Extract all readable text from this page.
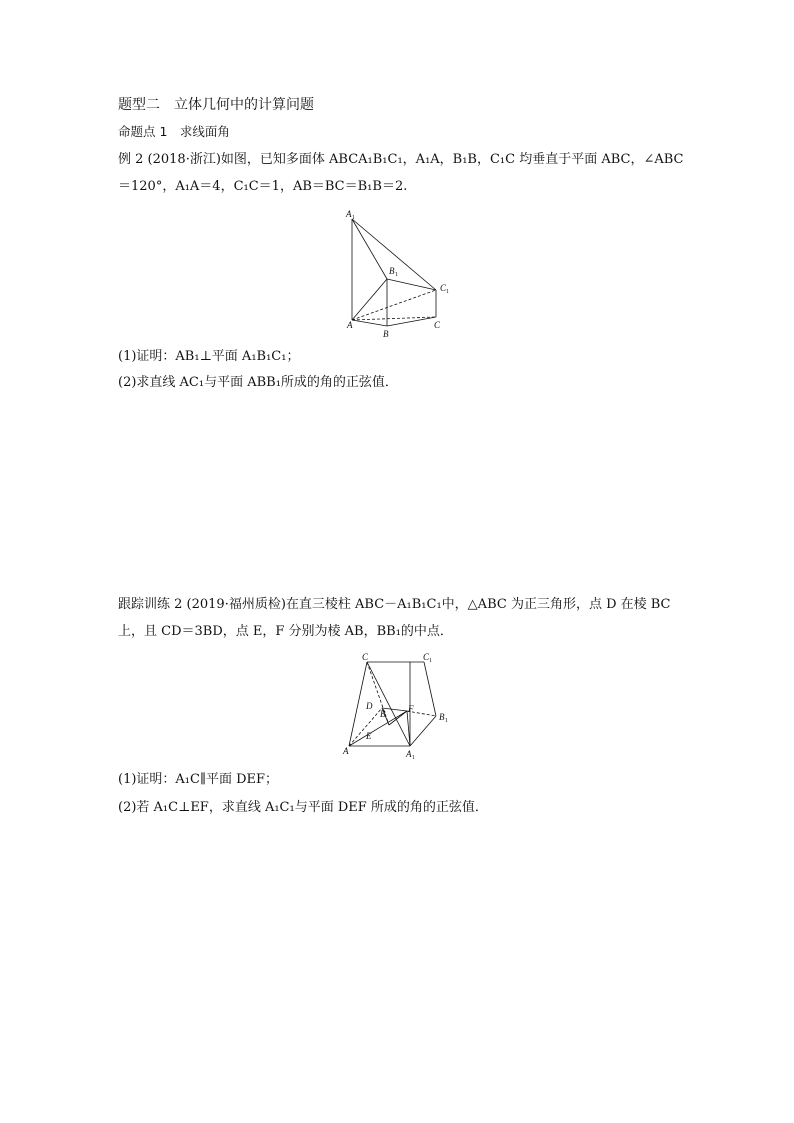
题型二　立体几何中的计算问题
命题点 1　求线面角
例 2 (2018·浙江)如图，已知多面体 ABCA₁B₁C₁，A₁A，B₁B，C₁C 均垂直于平面 ABC，∠ABC
＝120°，A₁A＝4，C₁C＝1，AB＝BC＝B₁B＝2.
A 1
B 1
C 1
A
B
C
(1)证明：AB₁⊥平面 A₁B₁C₁；
(2)求直线 AC₁与平面 ABB₁所成的角的正弦值．
跟踪训练 2 (2019·福州质检)在直三棱柱 ABC－A₁B₁C₁中，△ABC 为正三角形，点 D 在棱 BC
上，且 CD＝3BD，点 E，F 分别为棱 AB，BB₁的中点．
C	C 1
D
B	F
B 1
E
A	A 1
(1)证明：A₁C∥平面 DEF；
(2)若 A₁C⊥EF，求直线 A₁C₁与平面 DEF 所成的角的正弦值．
